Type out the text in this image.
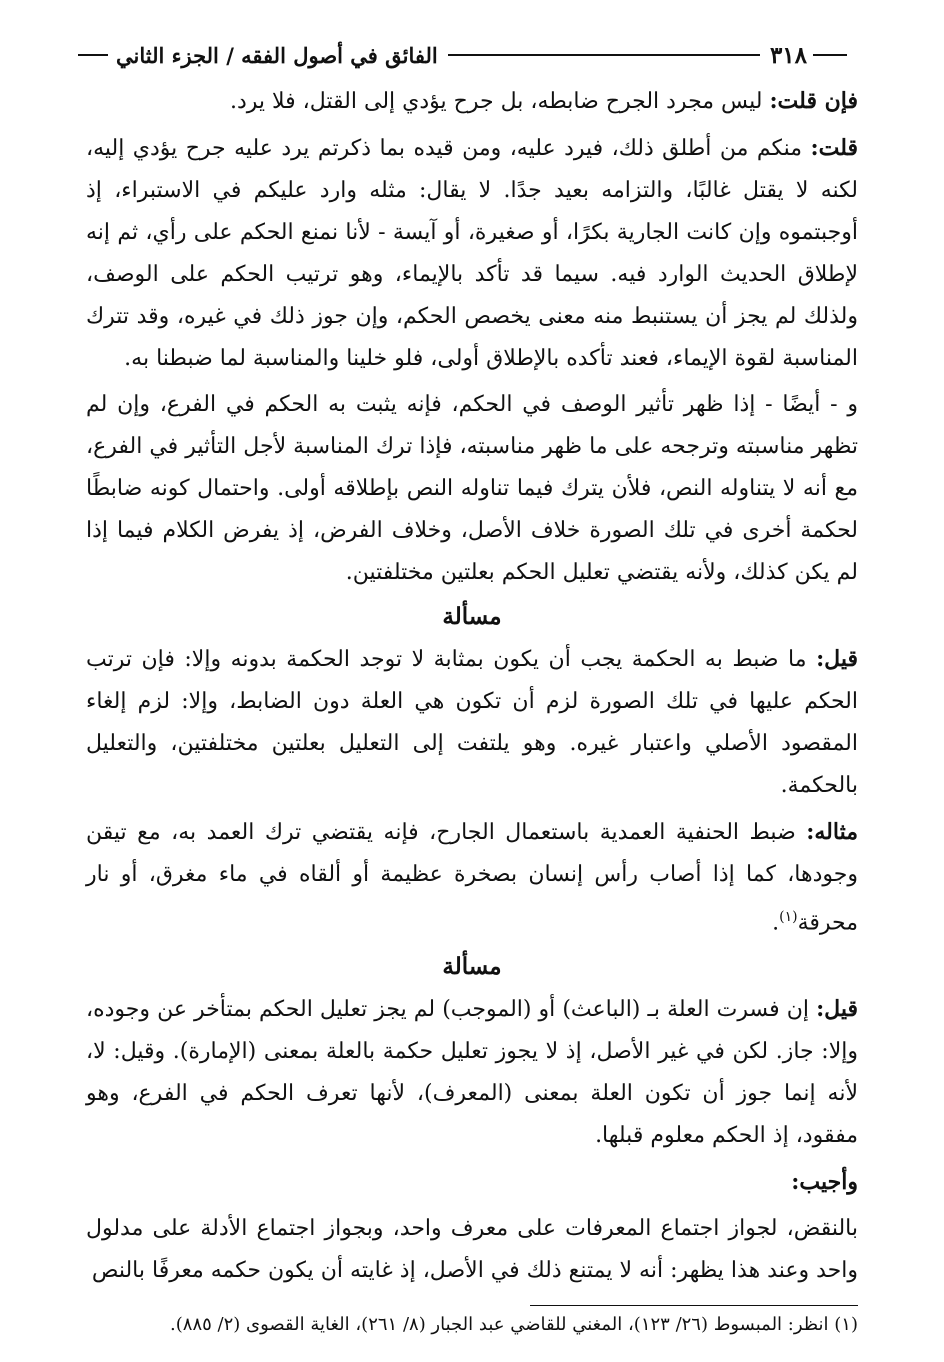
٣١٨
الفائق في أصول الفقه / الجزء الثاني

فإن قلت: ليس مجرد الجرح ضابطه، بل جرح يؤدي إلى القتل، فلا يرد.

قلت: منكم من أطلق ذلك، فيرد عليه، ومن قيده بما ذكرتم يرد عليه جرح يؤدي إليه، لكنه لا يقتل غالبًا، والتزامه بعيد جدًا. لا يقال: مثله وارد عليكم في الاستبراء، إذ أوجبتموه وإن كانت الجارية بكرًا، أو صغيرة، أو آيسة - لأنا نمنع الحكم على رأي، ثم إنه لإطلاق الحديث الوارد فيه. سيما قد تأكد بالإيماء، وهو ترتيب الحكم على الوصف، ولذلك لم يجز أن يستنبط منه معنى يخصص الحكم، وإن جوز ذلك في غيره، وقد تترك المناسبة لقوة الإيماء، فعند تأكده بالإطلاق أولى، فلو خلينا والمناسبة لما ضبطنا به.

و - أيضًا - إذا ظهر تأثير الوصف في الحكم، فإنه يثبت به الحكم في الفرع، وإن لم تظهر مناسبته وترجحه على ما ظهر مناسبته، فإذا ترك المناسبة لأجل التأثير في الفرع، مع أنه لا يتناوله النص، فلأن يترك فيما تناوله النص بإطلاقه أولى. واحتمال كونه ضابطًا لحكمة أخرى في تلك الصورة خلاف الأصل، وخلاف الفرض، إذ يفرض الكلام فيما إذا لم يكن كذلك، ولأنه يقتضي تعليل الحكم بعلتين مختلفتين.

مسألة

قيل: ما ضبط به الحكمة يجب أن يكون بمثابة لا توجد الحكمة بدونه وإلا: فإن ترتب الحكم عليها في تلك الصورة لزم أن تكون هي العلة دون الضابط، وإلا: لزم إلغاء المقصود الأصلي واعتبار غيره. وهو يلتفت إلى التعليل بعلتين مختلفتين، والتعليل بالحكمة.

مثاله: ضبط الحنفية العمدية باستعمال الجارح، فإنه يقتضي ترك العمد به، مع تيقن وجودها، كما إذا أصاب رأس إنسان بصخرة عظيمة أو ألقاه في ماء مغرق، أو نار محرقة$^{(١)}$.

مسألة

قيل: إن فسرت العلة بـ (الباعث) أو (الموجب) لم يجز تعليل الحكم بمتأخر عن وجوده، وإلا: جاز. لكن في غير الأصل، إذ لا يجوز تعليل حكمة بالعلة بمعنى (الإمارة). وقيل: لا، لأنه إنما جوز أن تكون العلة بمعنى (المعرف)، لأنها تعرف الحكم في الفرع، وهو مفقود، إذ الحكم معلوم قبلها.

وأجيب:

بالنقض، لجواز اجتماع المعرفات على معرف واحد، وبجواز اجتماع الأدلة على مدلول واحد وعند هذا يظهر: أنه لا يمتنع ذلك في الأصل، إذ غايته أن يكون حكمه معرفًا بالنص

(١) انظر: المبسوط (٢٦/ ١٢٣)، المغني للقاضي عبد الجبار (٨/ ٢٦١)، الغاية القصوى (٢/ ٨٨٥).
